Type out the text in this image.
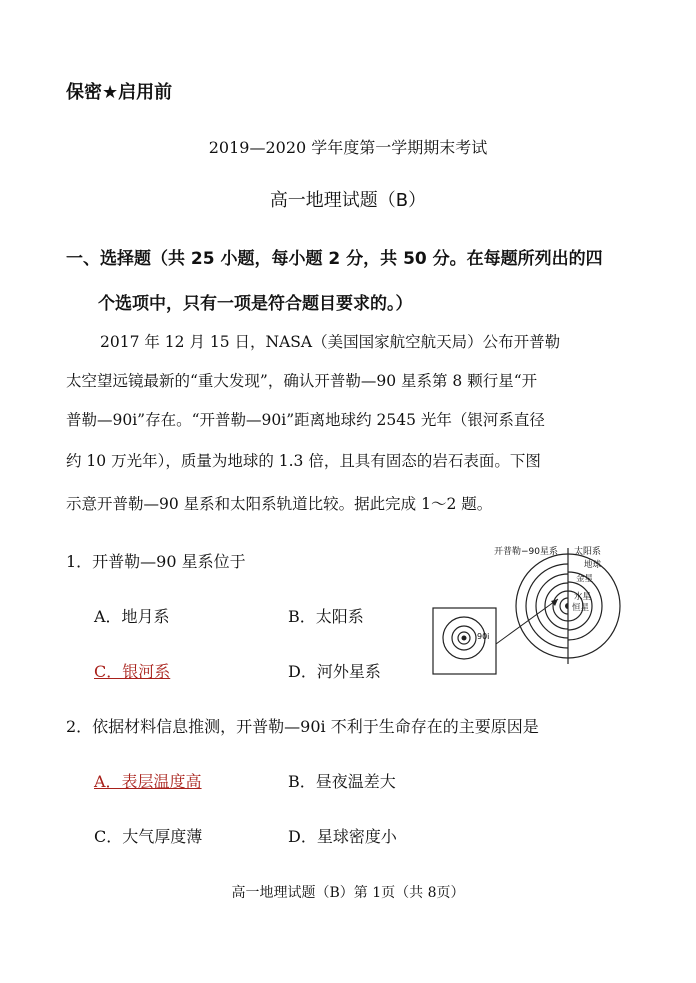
保密★启用前
2019—2020 学年度第一学期期末考试
高一地理试题（B）
一、选择题（共 25 小题，每小题 2 分，共 50 分。在每题所列出的四
个选项中，只有一项是符合题目要求的。）
2017 年 12 月 15 日，NASA（美国国家航空航天局）公布开普勒
太空望远镜最新的“重大发现”，确认开普勒—90 星系第 8 颗行星“开
普勒—90i”存在。“开普勒—90i”距离地球约 2545 光年（银河系直径
约 10 万光年），质量为地球的 1.3 倍，且具有固态的岩石表面。下图
示意开普勒—90 星系和太阳系轨道比较。据此完成 1～2 题。
1．开普勒—90 星系位于
A．地月系	B．太阳系
C．银河系	D．河外星系
开普勒−90星系 太阳系
地球
金星
水星
恒星
90i
2．依据材料信息推测，开普勒—90i 不利于生命存在的主要原因是
A．表层温度高	B．昼夜温差大
C．大气厚度薄	D．星球密度小
高一地理试题（B）第 1页（共 8页）
